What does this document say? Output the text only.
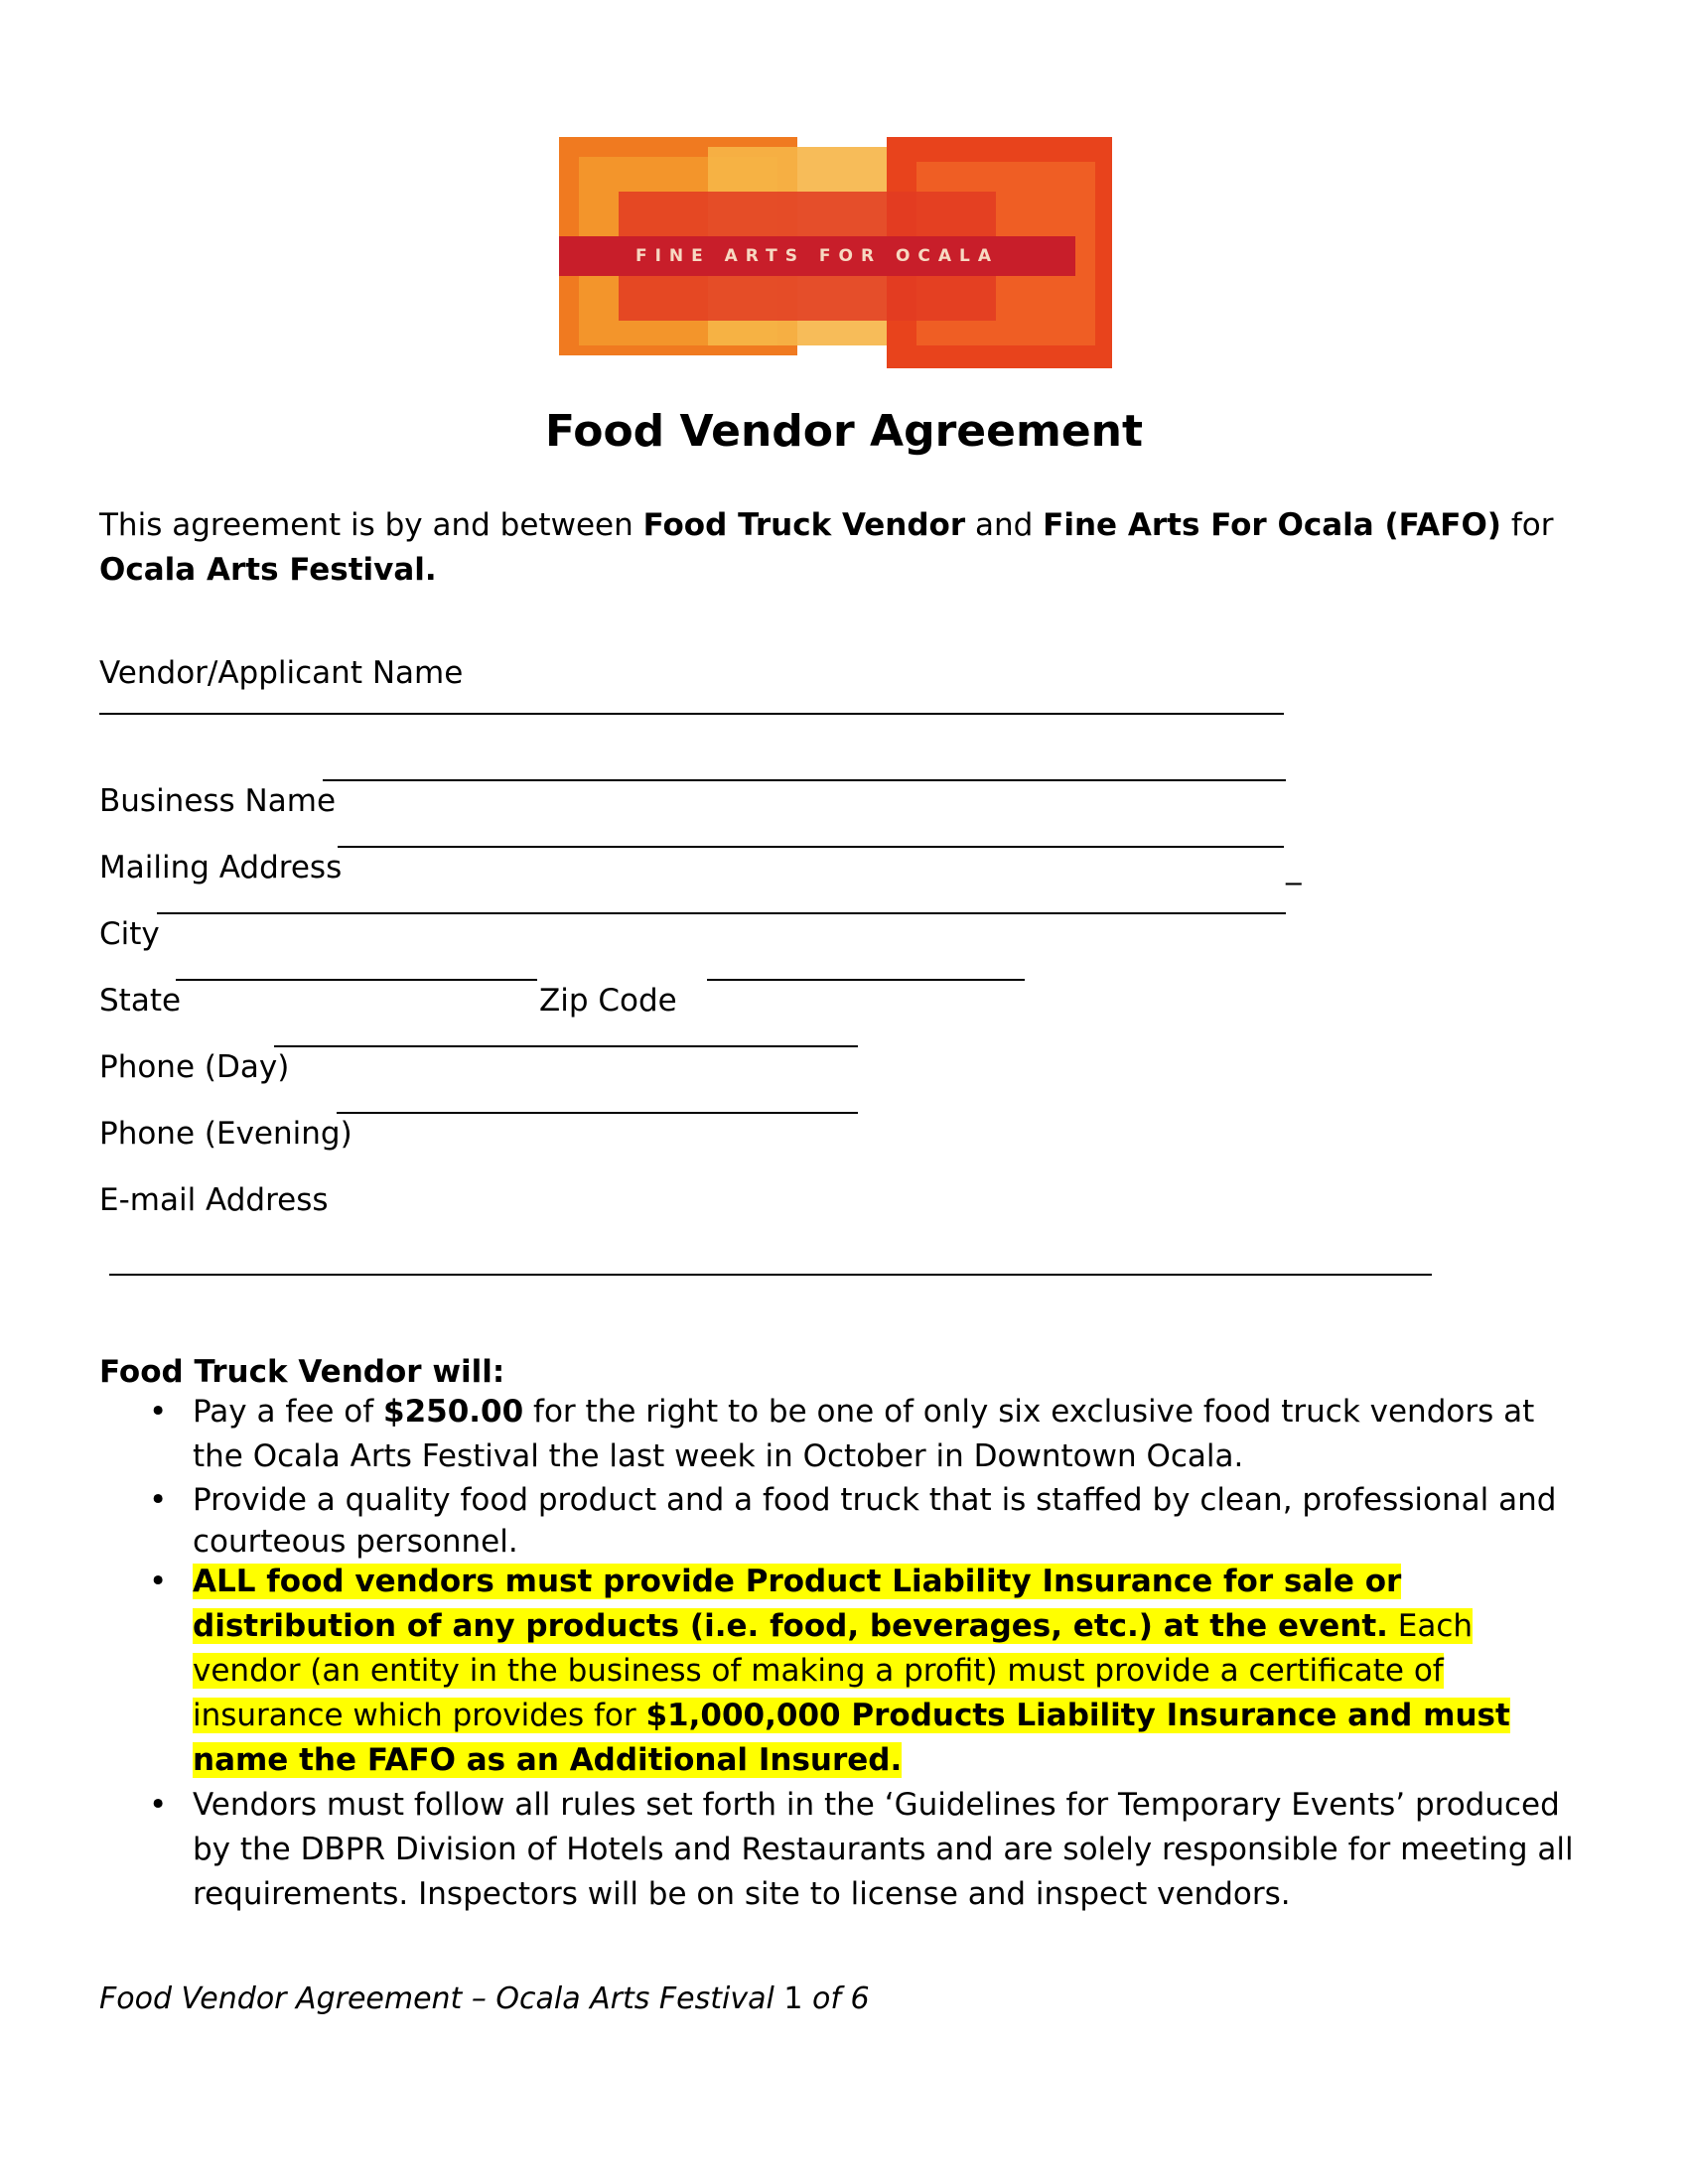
FINE ARTS FOR OCALA
Food Vendor Agreement
This agreement is by and between Food Truck Vendor and Fine Arts For Ocala (FAFO) for
Ocala Arts Festival.
Vendor/Applicant Name
Business Name
Mailing Address	_
City
State	Zip Code
Phone (Day)
Phone (Evening)
E-mail Address
Food Truck Vendor will:
• Pay a fee of $250.00 for the right to be one of only six exclusive food truck vendors at the Ocala Arts Festival the last week in October in Downtown Ocala.
• Provide a quality food product and a food truck that is staffed by clean, professional and courteous personnel.
• ALL food vendors must provide Product Liability Insurance for sale or distribution of any products (i.e. food, beverages, etc.) at the event. Each vendor (an entity in the business of making a profit) must provide a certificate of insurance which provides for $1,000,000 Products Liability Insurance and must name the FAFO as an Additional Insured.
• Vendors must follow all rules set forth in the ‘Guidelines for Temporary Events’ produced by the DBPR Division of Hotels and Restaurants and are solely responsible for meeting all requirements. Inspectors will be on site to license and inspect vendors.
Food Vendor Agreement – Ocala Arts Festival 1 of 6
